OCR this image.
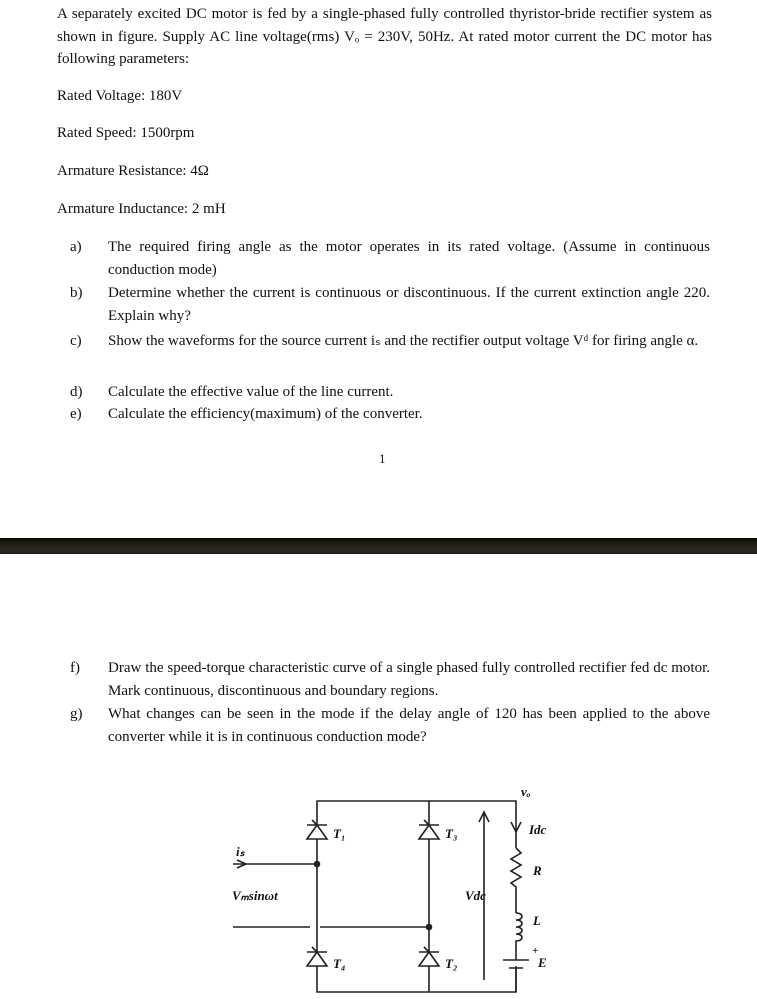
A separately excited DC motor is fed by a single-phased fully controlled thyristor-bride rectifier system as shown in figure. Supply AC line voltage(rms) Vₒ = 230V, 50Hz. At rated motor current the DC motor has following parameters:
Rated Voltage: 180V
Rated Speed: 1500rpm
Armature Resistance: 4Ω
Armature Inductance: 2 mH
a) The required firing angle as the motor operates in its rated voltage. (Assume in continuous conduction mode)
b) Determine whether the current is continuous or discontinuous. If the current extinction angle 220. Explain why?
c) Show the waveforms for the source current iₛ and the rectifier output voltage Vᵈ for firing angle α.
d) Calculate the effective value of the line current.
e) Calculate the efficiency(maximum) of the converter.
1
f) Draw the speed-torque characteristic curve of a single phased fully controlled rectifier fed dc motor. Mark continuous, discontinuous and boundary regions.
g) What changes can be seen in the mode if the delay angle of 120 has been applied to the above converter while it is in continuous conduction mode?
T₁	T₃
T₄	T₂
iₛ
Vₘsinωt	Vdc
vₒ
Idc
R
L
E
+
